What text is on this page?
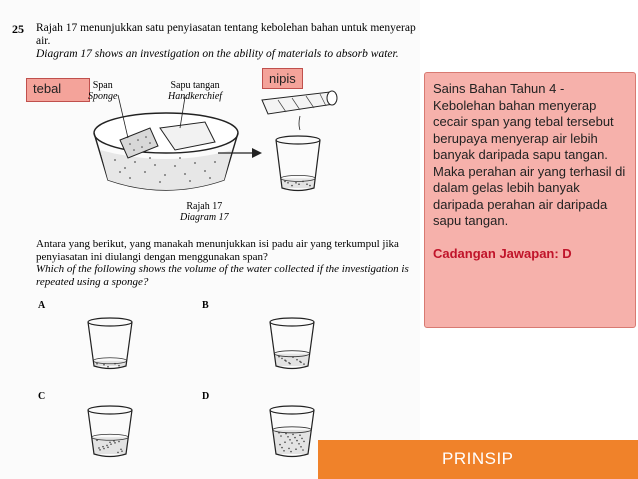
25 Rajah 17 menunjukkan satu penyiasatan tentang kebolehan bahan untuk menyerap air.
Diagram 17 shows an investigation on the ability of materials to absorb water.
tebal
nipis
Span
Sponge
Sapu tangan
Handkerchief
Rajah 17
Diagram 17
Antara yang berikut, yang manakah menunjukkan isi padu air yang terkumpul jika penyiasatan ini diulangi dengan menggunakan span?
Which of the following shows the volume of the water collected if the investigation is repeated using a sponge?
A	B
C	D
Sains Bahan Tahun 4 - Kebolehan bahan menyerap cecair span yang tebal tersebut berupaya menyerap air lebih banyak daripada sapu tangan. Maka perahan air yang terhasil di dalam gelas lebih banyak daripada perahan air daripada sapu tangan.
Cadangan Jawapan: D
PRINSIP
